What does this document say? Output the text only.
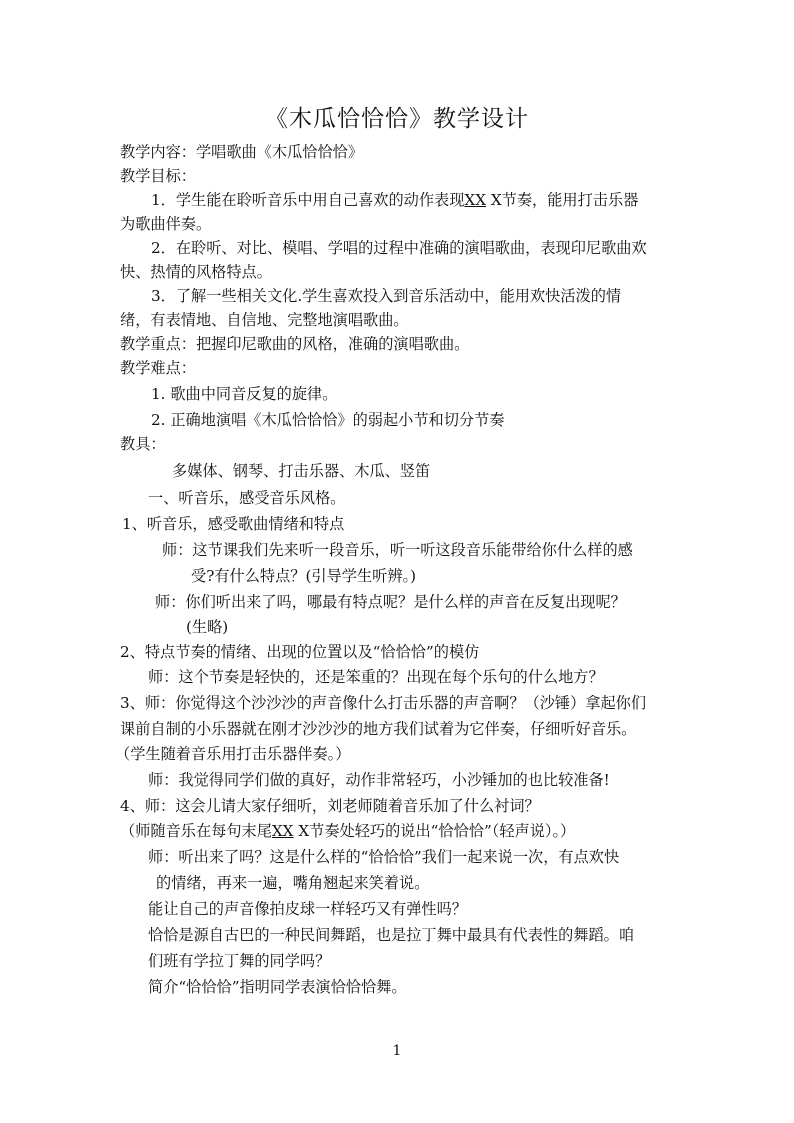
《木瓜恰恰恰》教学设计
教学内容：学唱歌曲《木瓜恰恰恰》
教学目标：
1．学生能在聆听音乐中用自己喜欢的动作表现XX X节奏，能用打击乐器
为歌曲伴奏。
2．在聆听、对比、模唱、学唱的过程中准确的演唱歌曲，表现印尼歌曲欢
快、热情的风格特点。
3．了解一些相关文化.学生喜欢投入到音乐活动中，能用欢快活泼的情
绪，有表情地、自信地、完整地演唱歌曲。
教学重点：把握印尼歌曲的风格，准确的演唱歌曲。
教学难点：
1. 歌曲中同音反复的旋律。
2. 正确地演唱《木瓜恰恰恰》的弱起小节和切分节奏
教具：
多媒体、钢琴、打击乐器、木瓜、竖笛
一、听音乐，感受音乐风格。
1、听音乐，感受歌曲情绪和特点
师：这节课我们先来听一段音乐，听一听这段音乐能带给你什么样的感
受?有什么特点？(引导学生听辨。)
师：你们听出来了吗，哪最有特点呢？是什么样的声音在反复出现呢？
(生略)
2、特点节奏的情绪、出现的位置以及“恰恰恰”的模仿
师：这个节奏是轻快的，还是笨重的？出现在每个乐句的什么地方？
3、师：你觉得这个沙沙沙的声音像什么打击乐器的声音啊？（沙锤）拿起你们
课前自制的小乐器就在刚才沙沙沙的地方我们试着为它伴奏，仔细听好音乐。
（学生随着音乐用打击乐器伴奏。）
师：我觉得同学们做的真好，动作非常轻巧，小沙锤加的也比较准备!
4、师：这会儿请大家仔细听，刘老师随着音乐加了什么衬词？
（师随音乐在每句末尾XX X节奏处轻巧的说出“恰恰恰”（轻声说）。）
师：听出来了吗？这是什么样的“恰恰恰”我们一起来说一次，有点欢快
的情绪，再来一遍，嘴角翘起来笑着说。
能让自己的声音像拍皮球一样轻巧又有弹性吗？
恰恰是源自古巴的一种民间舞蹈，也是拉丁舞中最具有代表性的舞蹈。咱
们班有学拉丁舞的同学吗？
简介“恰恰恰”指明同学表演恰恰恰舞。
1
